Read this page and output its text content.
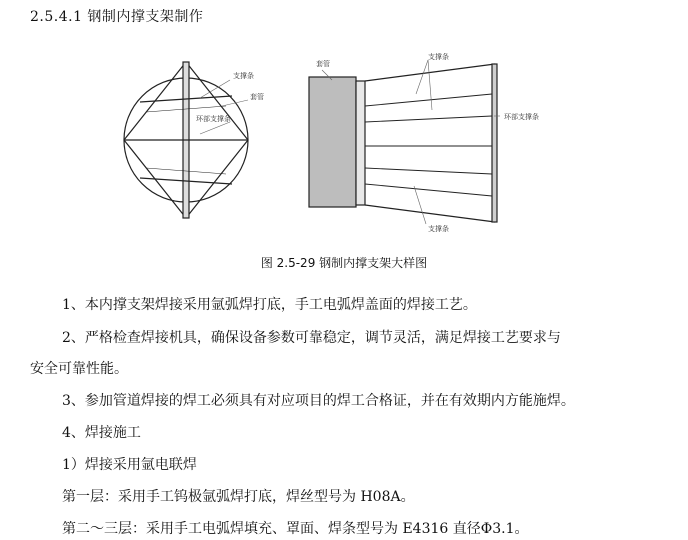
2.5.4.1 钢制内撑支架制作
支撑条
套管
环部支撑条
套管
支撑条
环部支撑条
支撑条
图 2.5-29 钢制内撑支架大样图
1、本内撑支架焊接采用氩弧焊打底，手工电弧焊盖面的焊接工艺。
2、严格检查焊接机具，确保设备参数可靠稳定，调节灵活，满足焊接工艺要求与
安全可靠性能。
3、参加管道焊接的焊工必须具有对应项目的焊工合格证，并在有效期内方能施焊。
4、焊接施工
1）焊接采用氩电联焊
第一层：采用手工钨极氩弧焊打底，焊丝型号为 H08A。
第二～三层：采用手工电弧焊填充、罩面、焊条型号为 E4316 直径Φ3.1。
